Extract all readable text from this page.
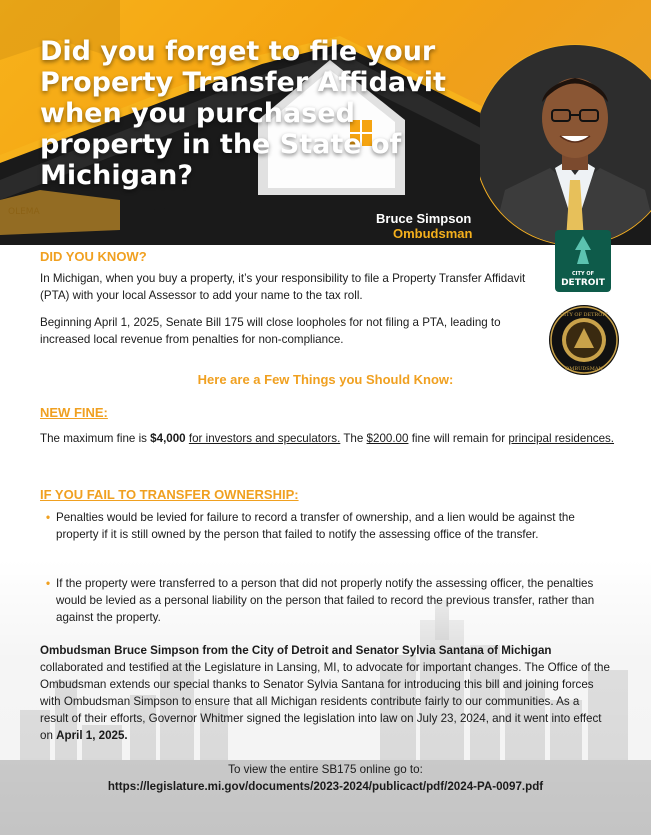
OLEMA
Did you forget to file your Property Transfer Affidavit when you purchased property in the State of Michigan?
Bruce Simpson
Ombudsman
CITY OF
DETROIT
CITY OF DETROIT
OMBUDSMAN
DID YOU KNOW?

In Michigan, when you buy a property, it’s your responsibility to file a Property Transfer Affidavit (PTA) with your local Assessor to add your name to the tax roll.

Beginning April 1, 2025, Senate Bill 175 will close loopholes for not filing a PTA, leading to increased local revenue from penalties for non-compliance.

Here are a Few Things you Should Know:
NEW FINE:

The maximum fine is $4,000 for investors and speculators. The $200.00 fine will remain for principal residences.

IF YOU FAIL TO TRANSFER OWNERSHIP:
• Penalties would be levied for failure to record a transfer of ownership, and a lien would be against the property if it is still owned by the person that failed to notify the assessing office of the transfer.
• If the property were transferred to a person that did not properly notify the assessing officer, the penalties would be levied as a personal liability on the person that failed to record the previous transfer, rather than against the property.

Ombudsman Bruce Simpson from the City of Detroit and Senator Sylvia Santana of Michigan collaborated and testified at the Legislature in Lansing, MI, to advocate for important changes. The Office of the Ombudsman extends our special thanks to Senator Sylvia Santana for introducing this bill and joining forces with Ombudsman Simpson to ensure that all Michigan residents contribute fairly to our communities. As a result of their efforts, Governor Whitmer signed the legislation into law on July 23, 2024, and it went into effect on April 1, 2025.

To view the entire SB175 online go to:

https://legislature.mi.gov/documents/2023-2024/publicact/pdf/2024-PA-0097.pdf
